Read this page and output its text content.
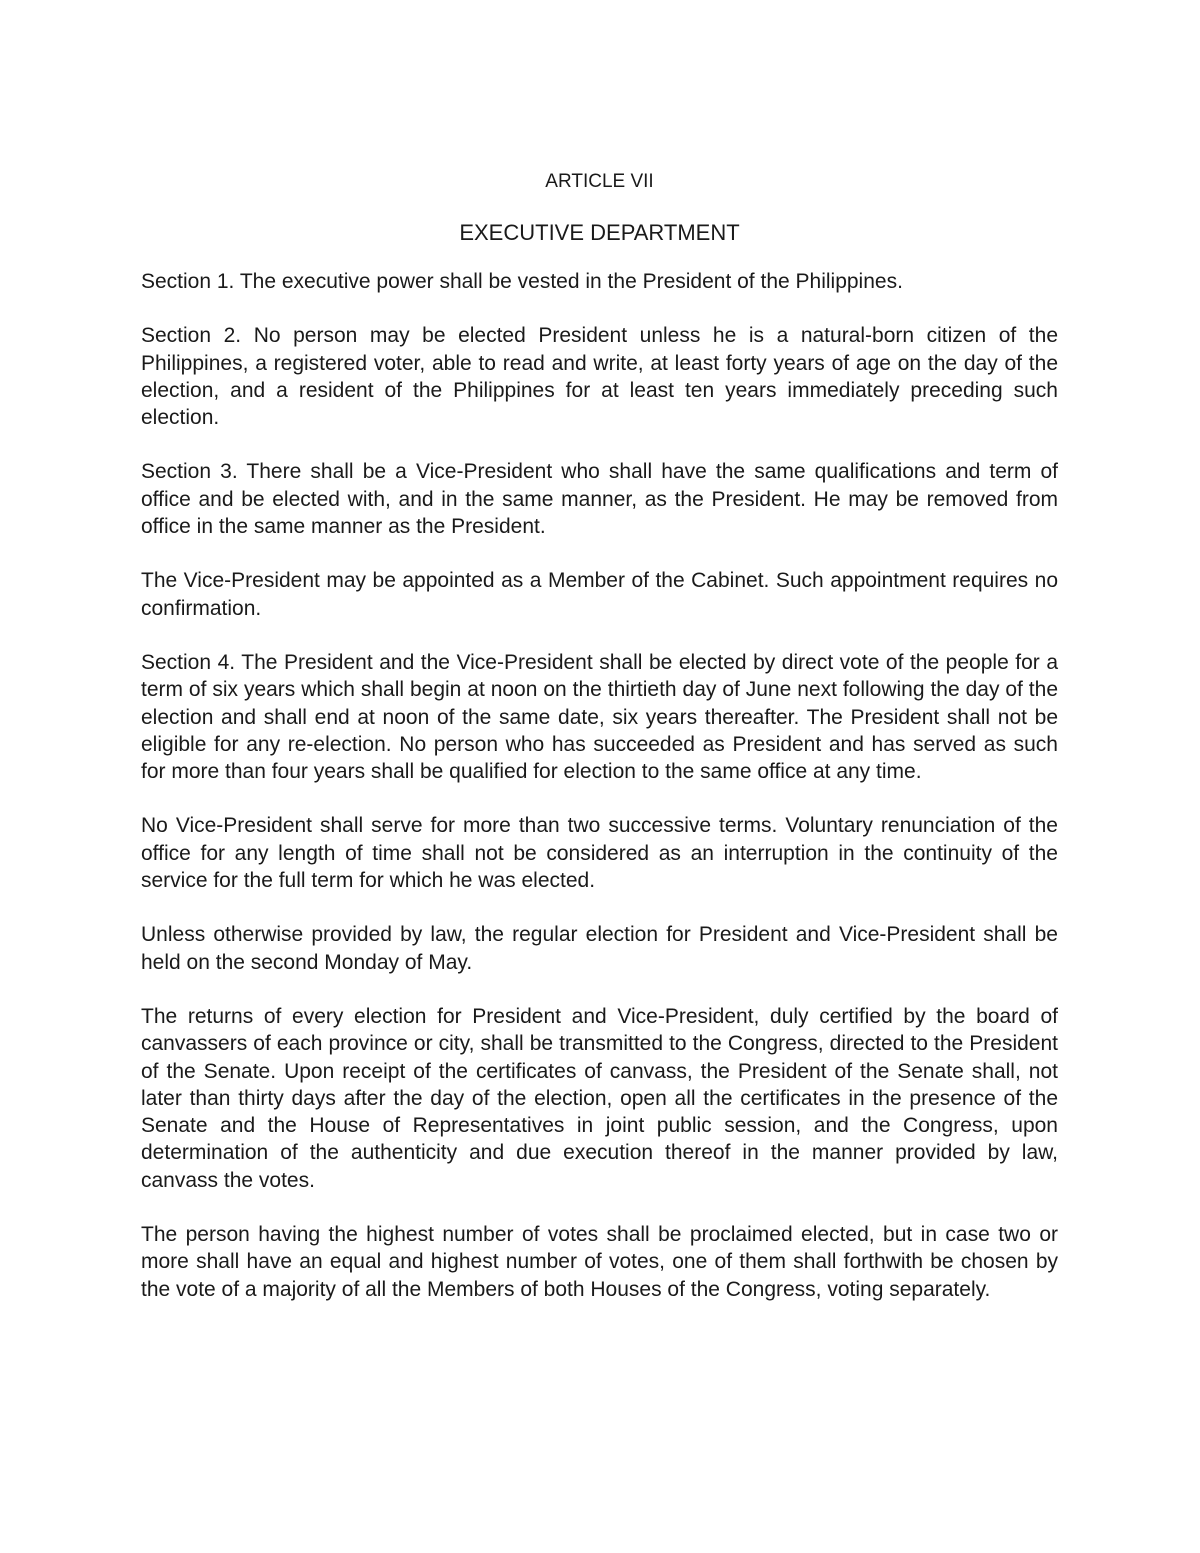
ARTICLE VII
EXECUTIVE DEPARTMENT

Section 1. The executive power shall be vested in the President of the Philippines.

Section 2. No person may be elected President unless he is a natural-born citizen of the Philippines, a registered voter, able to read and write, at least forty years of age on the day of the election, and a resident of the Philippines for at least ten years immediately preceding such election.

Section 3. There shall be a Vice-President who shall have the same qualifications and term of office and be elected with, and in the same manner, as the President. He may be removed from office in the same manner as the President.

The Vice-President may be appointed as a Member of the Cabinet. Such appointment requires no confirmation.

Section 4. The President and the Vice-President shall be elected by direct vote of the people for a term of six years which shall begin at noon on the thirtieth day of June next following the day of the election and shall end at noon of the same date, six years thereafter. The President shall not be eligible for any re-election. No person who has succeeded as President and has served as such for more than four years shall be qualified for election to the same office at any time.

No Vice-President shall serve for more than two successive terms. Voluntary renunciation of the office for any length of time shall not be considered as an interruption in the continuity of the service for the full term for which he was elected.

Unless otherwise provided by law, the regular election for President and Vice-President shall be held on the second Monday of May.

The returns of every election for President and Vice-President, duly certified by the board of canvassers of each province or city, shall be transmitted to the Congress, directed to the President of the Senate. Upon receipt of the certificates of canvass, the President of the Senate shall, not later than thirty days after the day of the election, open all the certificates in the presence of the Senate and the House of Representatives in joint public session, and the Congress, upon determination of the authenticity and due execution thereof in the manner provided by law, canvass the votes.

The person having the highest number of votes shall be proclaimed elected, but in case two or more shall have an equal and highest number of votes, one of them shall forthwith be chosen by the vote of a majority of all the Members of both Houses of the Congress, voting separately.
